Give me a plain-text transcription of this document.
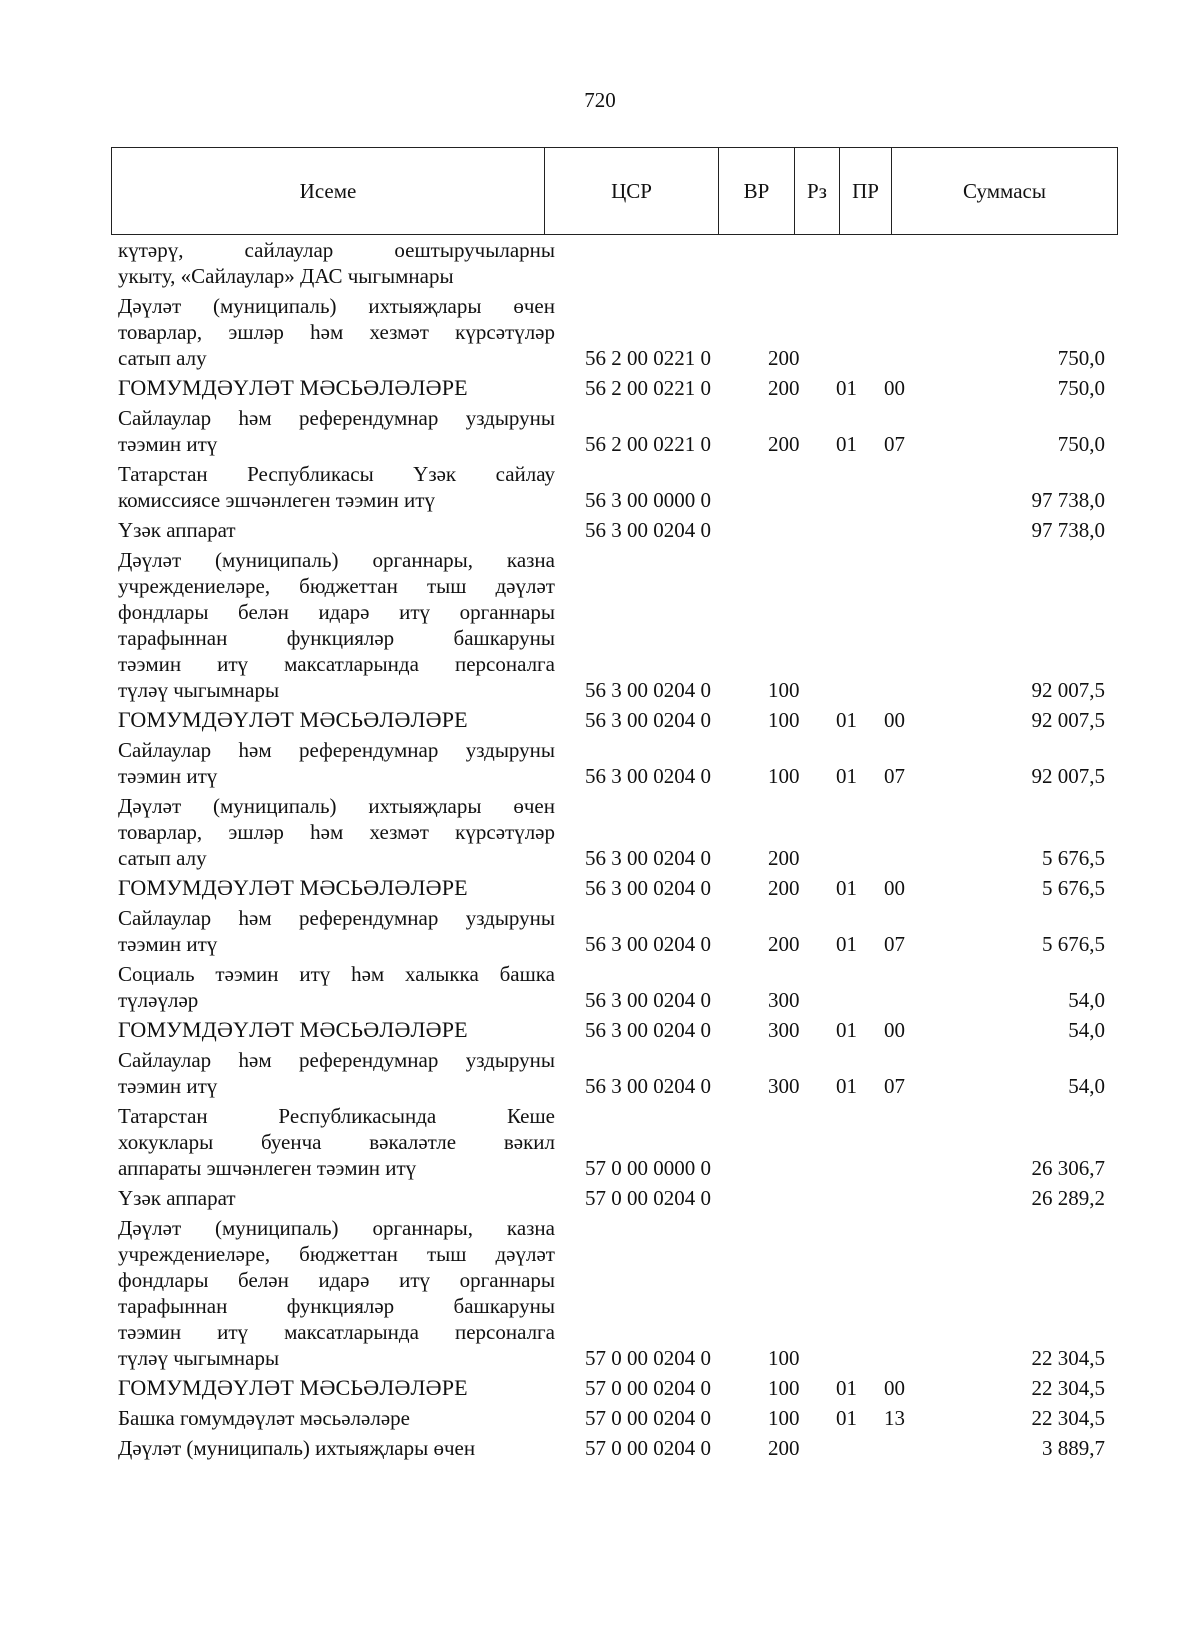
720
Исеме	ЦСР	ВР	Рз	ПР	Суммасы
күтәрү, сайлаулар оештыручыларны
укыту, «Сайлаулар» ДАС чыгымнары
Дәүләт (муниципаль) ихтыяҗлары өчен
товарлар, эшләр һәм хезмәт күрсәтүләр
сатып алу	56 2 00 0221 0	200	750,0
ГОМУМДӘҮЛӘТ МӘСЬӘЛӘЛӘРЕ	56 2 00 0221 0	200 01 00	750,0
Сайлаулар һәм референдумнар уздыруны
тәэмин итү	56 2 00 0221 0	200 01 07	750,0
Татарстан Республикасы Үзәк сайлау
комиссиясе эшчәнлеген тәэмин итү	56 3 00 0000 0	97 738,0
Үзәк аппарат	56 3 00 0204 0	97 738,0
Дәүләт (муниципаль) органнары, казна
учреждениеләре, бюджеттан тыш дәүләт
фондлары белән идарә итү органнары
тарафыннан функцияләр башкаруны
тәэмин итү максатларында персоналга
түләү чыгымнары	56 3 00 0204 0	100	92 007,5
ГОМУМДӘҮЛӘТ МӘСЬӘЛӘЛӘРЕ	56 3 00 0204 0	100 01 00	92 007,5
Сайлаулар һәм референдумнар уздыруны
тәэмин итү	56 3 00 0204 0	100 01 07	92 007,5
Дәүләт (муниципаль) ихтыяҗлары өчен
товарлар, эшләр һәм хезмәт күрсәтүләр
сатып алу	56 3 00 0204 0	200	5 676,5
ГОМУМДӘҮЛӘТ МӘСЬӘЛӘЛӘРЕ	56 3 00 0204 0	200 01 00	5 676,5
Сайлаулар һәм референдумнар уздыруны
тәэмин итү	56 3 00 0204 0	200 01 07	5 676,5
Социаль тәэмин итү һәм халыкка башка
түләүләр	56 3 00 0204 0	300	54,0
ГОМУМДӘҮЛӘТ МӘСЬӘЛӘЛӘРЕ	56 3 00 0204 0	300 01 00	54,0
Сайлаулар һәм референдумнар уздыруны
тәэмин итү	56 3 00 0204 0	300 01 07	54,0
Татарстан Республикасында Кеше
хокуклары буенча вәкаләтле вәкил
аппараты эшчәнлеген тәэмин итү	57 0 00 0000 0	26 306,7
Үзәк аппарат	57 0 00 0204 0	26 289,2
Дәүләт (муниципаль) органнары, казна
учреждениеләре, бюджеттан тыш дәүләт
фондлары белән идарә итү органнары
тарафыннан функцияләр башкаруны
тәэмин итү максатларында персоналга
түләү чыгымнары	57 0 00 0204 0	100	22 304,5
ГОМУМДӘҮЛӘТ МӘСЬӘЛӘЛӘРЕ	57 0 00 0204 0	100 01 00	22 304,5
Башка гомумдәүләт мәсьәләләре	57 0 00 0204 0	100 01 13	22 304,5
Дәүләт (муниципаль) ихтыяҗлары өчен	57 0 00 0204 0	200	3 889,7
